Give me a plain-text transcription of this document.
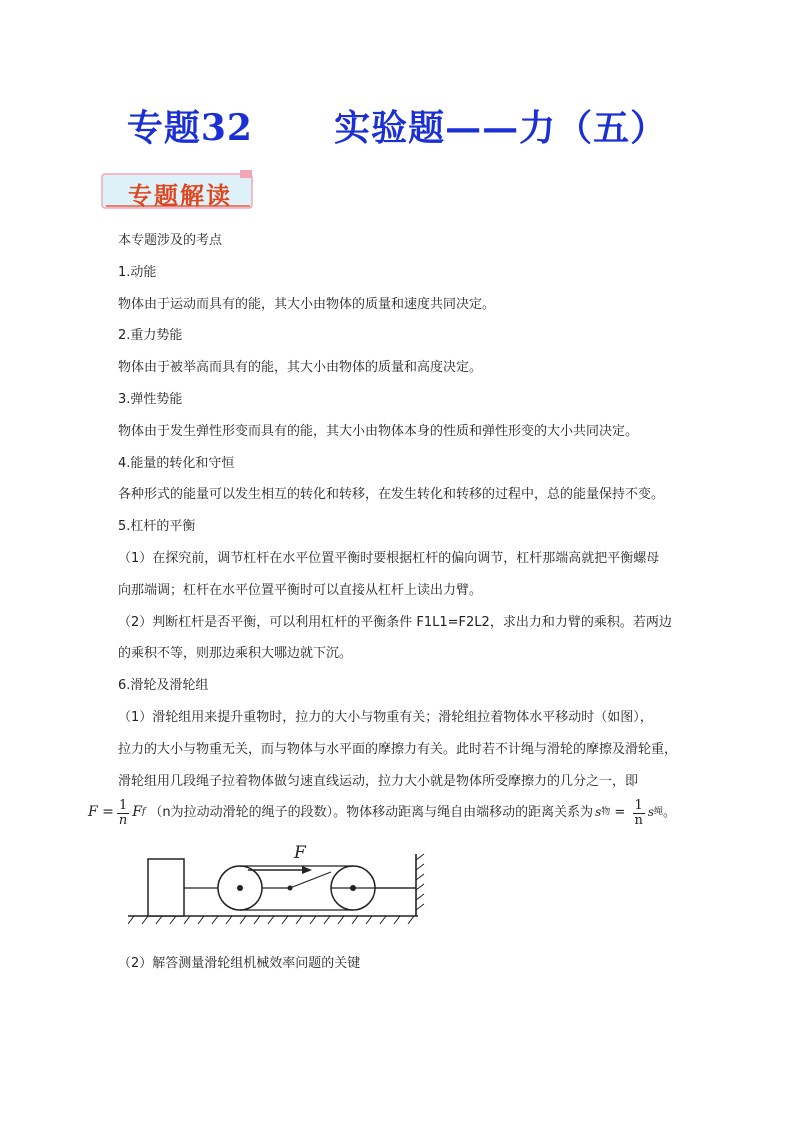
专题32      实验题——力（五）
专题解读

本专题涉及的考点

1.动能

物体由于运动而具有的能，其大小由物体的质量和速度共同决定。

2.重力势能

物体由于被举高而具有的能，其大小由物体的质量和高度决定。

3.弹性势能

物体由于发生弹性形变而具有的能，其大小由物体本身的性质和弹性形变的大小共同决定。

4.能量的转化和守恒

各种形式的能量可以发生相互的转化和转移，在发生转化和转移的过程中，总的能量保持不变。

5.杠杆的平衡

（1）在探究前，调节杠杆在水平位置平衡时要根据杠杆的偏向调节，杠杆那端高就把平衡螺母

向那端调；杠杆在水平位置平衡时可以直接从杠杆上读出力臂。

（2）判断杠杆是否平衡，可以利用杠杆的平衡条件 F1L1=F2L2，求出力和力臂的乘积。若两边

的乘积不等，则那边乘积大哪边就下沉。

6.滑轮及滑轮组

（1）滑轮组用来提升重物时，拉力的大小与物重有关；滑轮组拉着物体水平移动时（如图），

拉力的大小与物重无关，而与物体与水平面的摩擦力有关。此时若不计绳与滑轮的摩擦及滑轮重，

滑轮组用几段绳子拉着物体做匀速直线运动，拉力大小就是物体所受摩擦力的几分之一，即

$F = \frac{1}{n}$ F f （n为拉动动滑轮的绳子的段数）。物体移动距离与绳自由端移动的距离关系为 s 物 = $\frac{1}{n}$ s 绳 。

F
（2）解答测量滑轮组机械效率问题的关键
